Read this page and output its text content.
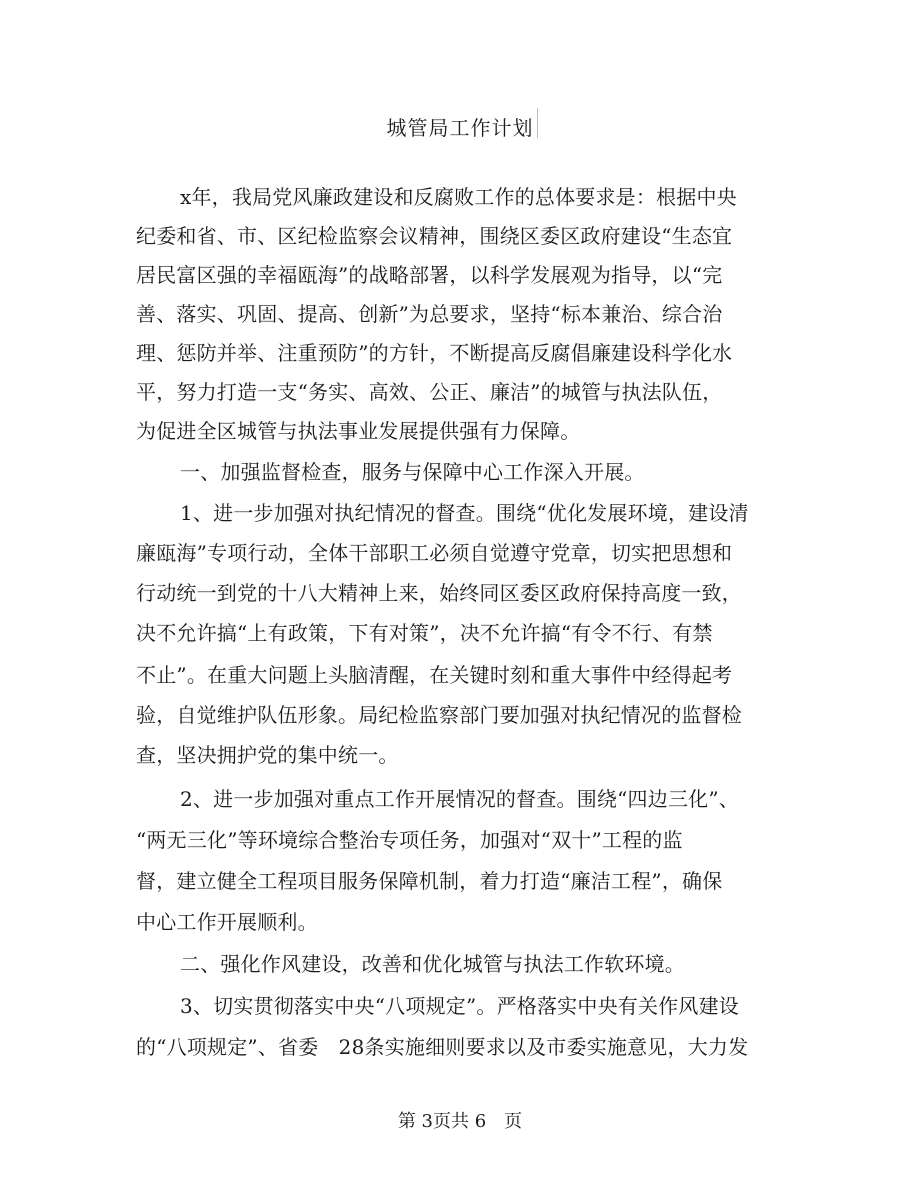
城管局工作计划
x年，我局党风廉政建设和反腐败工作的总体要求是：根据中央
纪委和省、市、区纪检监察会议精神，围绕区委区政府建设“生态宜
居民富区强的幸福瓯海”的战略部署，以科学发展观为指导，以“完
善、落实、巩固、提高、创新”为总要求，坚持“标本兼治、综合治
理、惩防并举、注重预防”的方针，不断提高反腐倡廉建设科学化水
平，努力打造一支“务实、高效、公正、廉洁”的城管与执法队伍，
为促进全区城管与执法事业发展提供强有力保障。
一、加强监督检查，服务与保障中心工作深入开展。
1、进一步加强对执纪情况的督查。围绕“优化发展环境，建设清
廉瓯海”专项行动，全体干部职工必须自觉遵守党章，切实把思想和
行动统一到党的十八大精神上来，始终同区委区政府保持高度一致，
决不允许搞“上有政策，下有对策”，决不允许搞“有令不行、有禁
不止”。在重大问题上头脑清醒，在关键时刻和重大事件中经得起考
验，自觉维护队伍形象。局纪检监察部门要加强对执纪情况的监督检
查，坚决拥护党的集中统一。
2、进一步加强对重点工作开展情况的督查。围绕“四边三化”、
“两无三化”等环境综合整治专项任务，加强对“双十”工程的监
督，建立健全工程项目服务保障机制，着力打造“廉洁工程”，确保
中心工作开展顺利。
二、强化作风建设，改善和优化城管与执法工作软环境。
3、切实贯彻落实中央“八项规定”。严格落实中央有关作风建设
的“八项规定”、省委　28条实施细则要求以及市委实施意见，大力发
第 3页共 6　页
